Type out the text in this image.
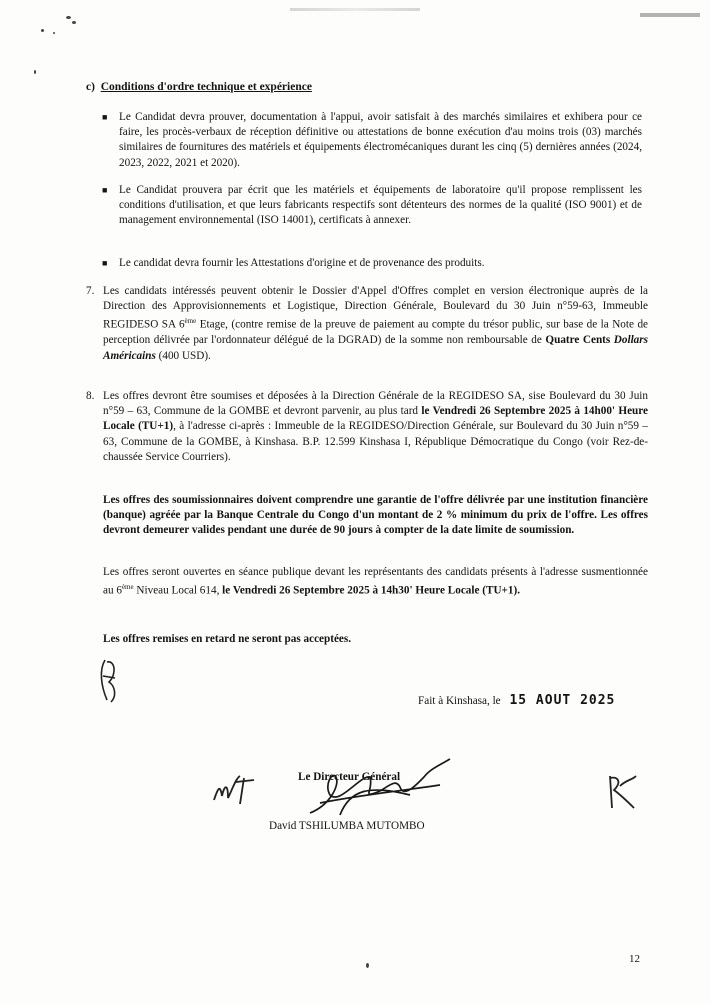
c) Conditions d'ordre technique et expérience
■	Le Candidat devra prouver, documentation à l'appui, avoir satisfait à des marchés similaires et exhibera pour ce faire, les procès-verbaux de réception définitive ou attestations de bonne exécution d'au moins trois (03) marchés similaires de fournitures des matériels et équipements électromécaniques durant les cinq (5) dernières années (2024, 2023, 2022, 2021 et 2020).

■	Le Candidat prouvera par écrit que les matériels et équipements de laboratoire qu'il propose remplissent les conditions d'utilisation, et que leurs fabricants respectifs sont détenteurs des normes de la qualité (ISO 9001) et de management environnemental (ISO 14001), certificats à annexer.

■	Le candidat devra fournir les Attestations d'origine et de provenance des produits.

7. Les candidats intéressés peuvent obtenir le Dossier d'Appel d'Offres complet en version électronique auprès de la Direction des Approvisionnements et Logistique, Direction Générale, Boulevard du 30 Juin n°59-63, Immeuble REGIDESO SA 6ème Etage, (contre remise de la preuve de paiement au compte du trésor public, sur base de la Note de perception délivrée par l'ordonnateur délégué de la DGRAD) de la somme non remboursable de Quatre Cents Dollars Américains (400 USD).

8. Les offres devront être soumises et déposées à la Direction Générale de la REGIDESO SA, sise Boulevard du 30 Juin n°59 – 63, Commune de la GOMBE et devront parvenir, au plus tard le Vendredi 26 Septembre 2025 à 14h00' Heure Locale (TU+1), à l'adresse ci-après : Immeuble de la REGIDESO/Direction Générale, sur Boulevard du 30 Juin n°59 – 63, Commune de la GOMBE, à Kinshasa. B.P. 12.599 Kinshasa I, République Démocratique du Congo (voir Rez-de-chaussée Service Courriers).

Les offres des soumissionnaires doivent comprendre une garantie de l'offre délivrée par une institution financière (banque) agréée par la Banque Centrale du Congo d'un montant de 2 % minimum du prix de l'offre. Les offres devront demeurer valides pendant une durée de 90 jours à compter de la date limite de soumission.

Les offres seront ouvertes en séance publique devant les représentants des candidats présents à l'adresse susmentionnée au 6ème Niveau Local 614, le Vendredi 26 Septembre 2025 à 14h30' Heure Locale (TU+1).

Les offres remises en retard ne seront pas acceptées.

Fait à Kinshasa, le 15 AOUT 2025
Le Directeur Général
David TSHILUMBA MUTOMBO
12
